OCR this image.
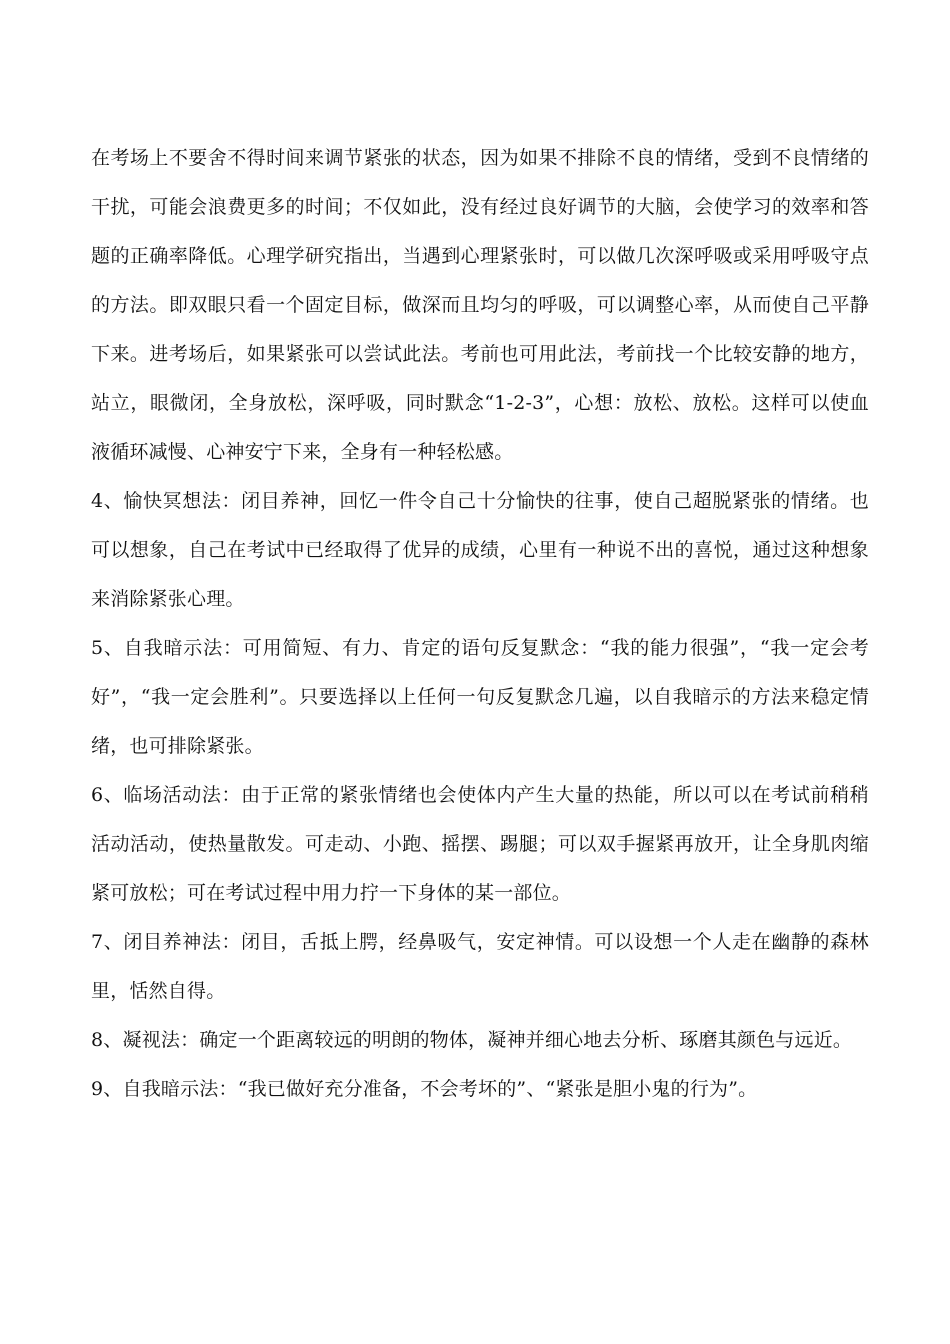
在考场上不要舍不得时间来调节紧张的状态，因为如果不排除不良的情绪，受到不良情绪的干扰，可能会浪费更多的时间；不仅如此，没有经过良好调节的大脑，会使学习的效率和答题的正确率降低。心理学研究指出，当遇到心理紧张时，可以做几次深呼吸或采用呼吸守点的方法。即双眼只看一个固定目标，做深而且均匀的呼吸，可以调整心率，从而使自己平静下来。进考场后，如果紧张可以尝试此法。考前也可用此法，考前找一个比较安静的地方，站立，眼微闭，全身放松，深呼吸，同时默念“1-2-3”，心想：放松、放松。这样可以使血液循环减慢、心神安宁下来，全身有一种轻松感。

4、愉快冥想法：闭目养神，回忆一件令自己十分愉快的往事，使自己超脱紧张的情绪。也可以想象，自己在考试中已经取得了优异的成绩，心里有一种说不出的喜悦，通过这种想象来消除紧张心理。

5、自我暗示法：可用简短、有力、肯定的语句反复默念：“我的能力很强”，“我一定会考好”，“我一定会胜利”。只要选择以上任何一句反复默念几遍，以自我暗示的方法来稳定情绪，也可排除紧张。

6、临场活动法：由于正常的紧张情绪也会使体内产生大量的热能，所以可以在考试前稍稍活动活动，使热量散发。可走动、小跑、摇摆、踢腿；可以双手握紧再放开，让全身肌肉缩紧可放松；可在考试过程中用力拧一下身体的某一部位。

7、闭目养神法：闭目，舌抵上腭，经鼻吸气，安定神情。可以设想一个人走在幽静的森林里，恬然自得。

8、凝视法：确定一个距离较远的明朗的物体，凝神并细心地去分析、琢磨其颜色与远近。

9、自我暗示法：“我已做好充分准备，不会考坏的”、“紧张是胆小鬼的行为”。
